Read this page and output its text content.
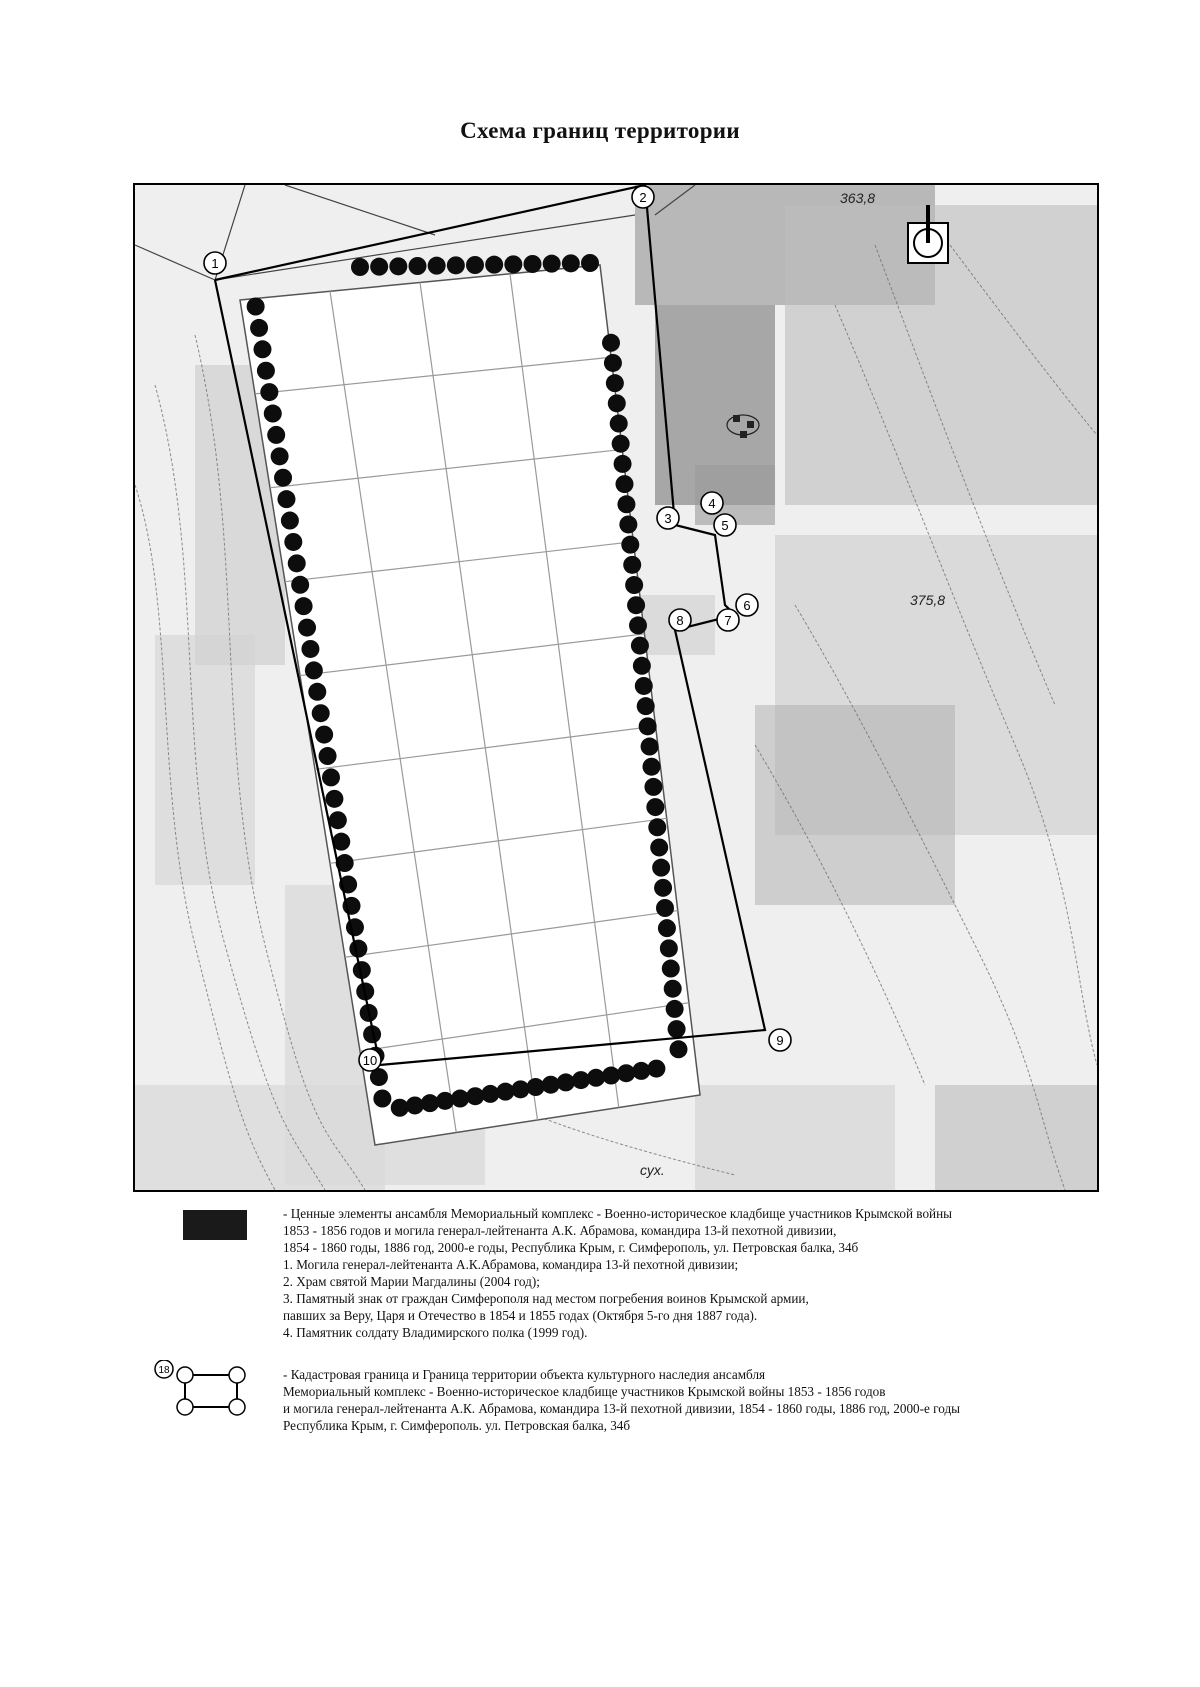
Схема границ территории
363,8
375,8
сух.
1
2
3
4
5
6
7
8
9
10
- Ценные элементы ансамбля Мемориальный комплекс - Военно-историческое кладбище участников Крымской войны
1853 - 1856 годов и могила генерал-лейтенанта А.К. Абрамова, командира 13-й пехотной дивизии,
1854 - 1860 годы, 1886 год, 2000-е годы, Республика Крым, г. Симферополь, ул. Петровская балка, 34б
1. Могила генерал-лейтенанта А.К.Абрамова, командира 13-й пехотной дивизии;
2. Храм святой Марии Магдалины (2004 год);
3. Памятный знак от граждан Симферополя над местом погребения воинов Крымской армии,
павших за Веру, Царя и Отечество в 1854 и 1855 годах (Октября 5-го дня 1887 года).
4. Памятник солдату Владимирского полка (1999 год).
18	- Кадастровая граница и Граница территории объекта культурного наследия ансамбля
Мемориальный комплекс - Военно-историческое кладбище участников Крымской войны 1853 - 1856 годов
и могила генерал-лейтенанта А.К. Абрамова, командира 13-й пехотной дивизии, 1854 - 1860 годы, 1886 год, 2000-е годы
Республика Крым, г. Симферополь. ул. Петровская балка, 34б
